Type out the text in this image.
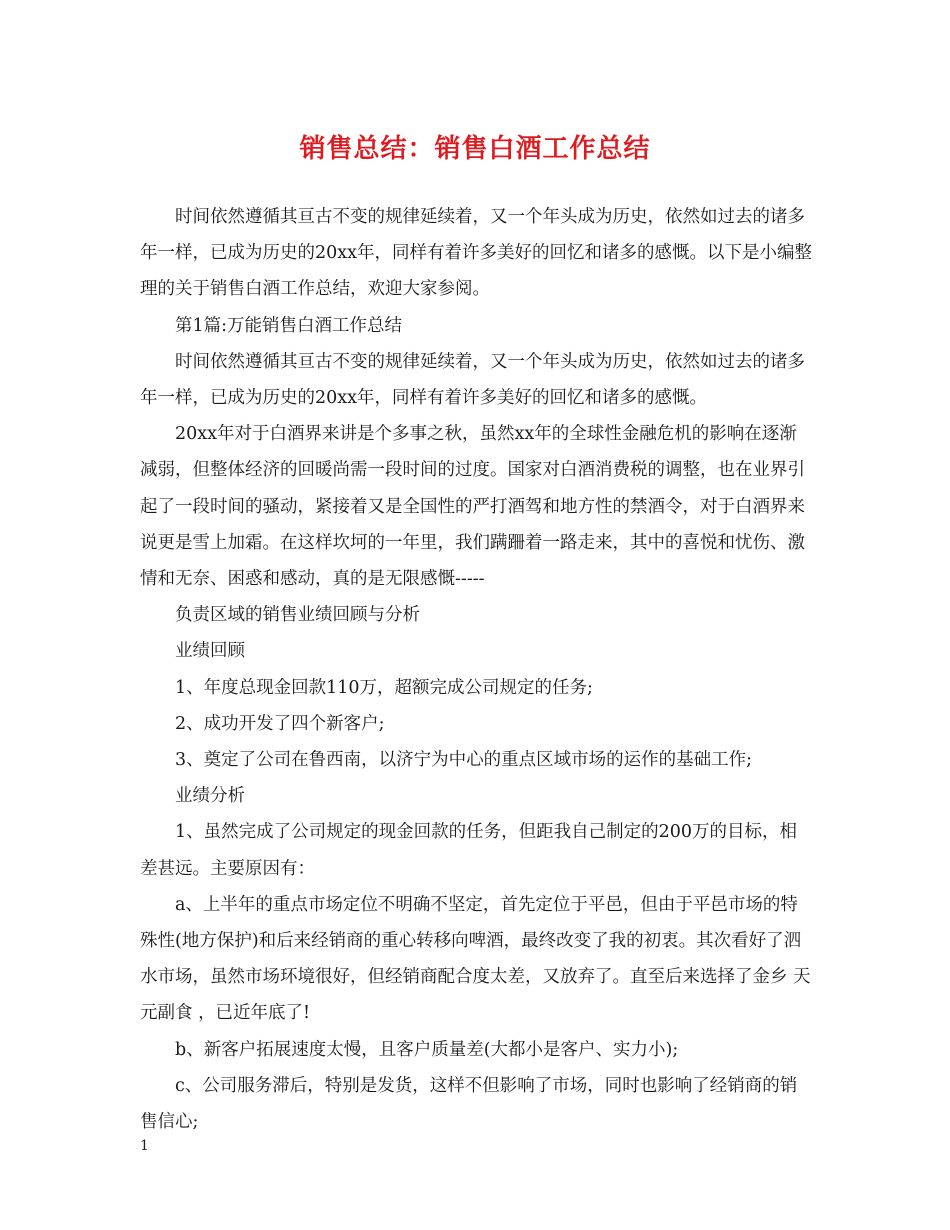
销售总结：销售白酒工作总结

时间依然遵循其亘古不变的规律延续着，又一个年头成为历史，依然如过去的诸多年一样，已成为历史的20xx年，同样有着许多美好的回忆和诸多的感慨。以下是小编整理的关于销售白酒工作总结，欢迎大家参阅。

第1篇:万能销售白酒工作总结

时间依然遵循其亘古不变的规律延续着，又一个年头成为历史，依然如过去的诸多年一样，已成为历史的20xx年，同样有着许多美好的回忆和诸多的感慨。

20xx年对于白酒界来讲是个多事之秋，虽然xx年的全球性金融危机的影响在逐渐减弱，但整体经济的回暖尚需一段时间的过度。国家对白酒消费税的调整，也在业界引起了一段时间的骚动，紧接着又是全国性的严打酒驾和地方性的禁酒令，对于白酒界来说更是雪上加霜。在这样坎坷的一年里，我们蹒跚着一路走来，其中的喜悦和忧伤、激情和无奈、困惑和感动，真的是无限感慨-----

负责区域的销售业绩回顾与分析

业绩回顾

1、年度总现金回款110万，超额完成公司规定的任务;

2、成功开发了四个新客户;

3、奠定了公司在鲁西南，以济宁为中心的重点区域市场的运作的基础工作;

业绩分析

1、虽然完成了公司规定的现金回款的任务，但距我自己制定的200万的目标，相差甚远。主要原因有：

a、上半年的重点市场定位不明确不坚定，首先定位于平邑，但由于平邑市场的特殊性(地方保护)和后来经销商的重心转移向啤酒，最终改变了我的初衷。其次看好了泗水市场，虽然市场环境很好，但经销商配合度太差，又放弃了。直至后来选择了金乡 天元副食 ，已近年底了!

b、新客户拓展速度太慢，且客户质量差(大都小是客户、实力小);

c、公司服务滞后，特别是发货，这样不但影响了市场，同时也影响了经销商的销售信心;

1
